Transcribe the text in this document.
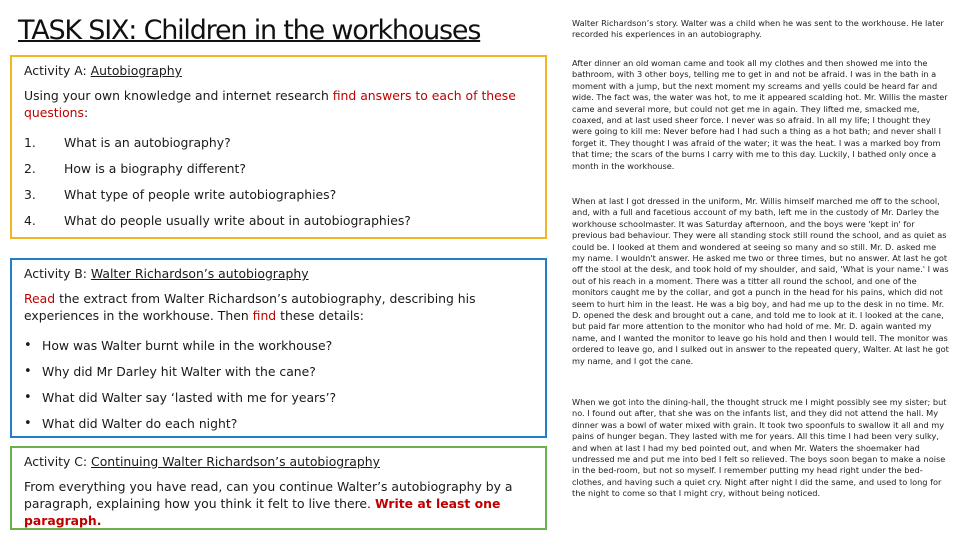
TASK SIX: Children in the workhouses

Activity A: Autobiography

Using your own knowledge and internet research find answers to each of these questions:

1.	What is an autobiography?
2.	How is a biography different?
3.	What type of people write autobiographies?
4.	What do people usually write about in autobiographies?

Activity B: Walter Richardson’s autobiography

Read the extract from Walter Richardson’s autobiography, describing his experiences in the workhouse. Then find these details:

• How was Walter burnt while in the workhouse?
• Why did Mr Darley hit Walter with the cane?
• What did Walter say ‘lasted with me for years’?
• What did Walter do each night?

Activity C: Continuing Walter Richardson’s autobiography

From everything you have read, can you continue Walter’s autobiography by a paragraph, explaining how you think it felt to live there. Write at least one paragraph.

Walter Richardson’s story. Walter was a child when he was sent to the workhouse. He later recorded his experiences in an autobiography.
After dinner an old woman came and took all my clothes and then showed me into the bathroom, with 3 other boys, telling me to get in and not be afraid. I was in the bath in a moment with a jump, but the next moment my screams and yells could be heard far and wide. The fact was, the water was hot, to me it appeared scalding hot. Mr. Willis the master came and several more, but could not get me in again. They lifted me, smacked me, coaxed, and at last used sheer force. I never was so afraid. In all my life; I thought they were going to kill me: Never before had I had such a thing as a hot bath; and never shall I forget it. They thought I was afraid of the water; it was the heat. I was a marked boy from that time; the scars of the burns I carry with me to this day. Luckily, I bathed only once a month in the workhouse.
When at last I got dressed in the uniform, Mr. Willis himself marched me off to the school, and, with a full and facetious account of my bath, left me in the custody of Mr. Darley the workhouse schoolmaster. It was Saturday afternoon, and the boys were 'kept in' for previous bad behaviour. They were all standing stock still round the school, and as quiet as could be. I looked at them and wondered at seeing so many and so still. Mr. D. asked me my name. I wouldn't answer. He asked me two or three times, but no answer. At last he got off the stool at the desk, and took hold of my shoulder, and said, 'What is your name.' I was out of his reach in a moment. There was a titter all round the school, and one of the monitors caught me by the collar, and got a punch in the head for his pains, which did not seem to hurt him in the least. He was a big boy, and had me up to the desk in no time. Mr. D. opened the desk and brought out a cane, and told me to look at it. I looked at the cane, but paid far more attention to the monitor who had hold of me. Mr. D. again wanted my name, and I wanted the monitor to leave go his hold and then I would tell. The monitor was ordered to leave go, and I sulked out in answer to the repeated query, Walter. At last he got my name, and I got the cane.
When we got into the dining-hall, the thought struck me I might possibly see my sister; but no. I found out after, that she was on the infants list, and they did not attend the hall. My dinner was a bowl of water mixed with grain. It took two spoonfuls to swallow it all and my pains of hunger began. They lasted with me for years. All this time I had been very sulky, and when at last I had my bed pointed out, and when Mr. Waters the shoemaker had undressed me and put me into bed I felt so relieved. The boys soon began to make a noise in the bed-room, but not so myself. I remember putting my head right under the bed-clothes, and having such a quiet cry. Night after night I did the same, and used to long for the night to come so that I might cry, without being noticed.
